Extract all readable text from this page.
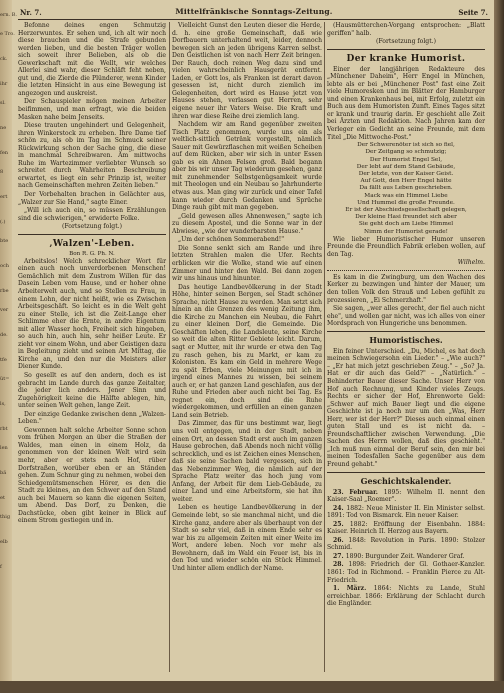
ern. B.
e Tro.
ck.
ihr
sl.
ne
fen
8
ert
(.)
bte
och
rbe
ver
de.
tfe
üt=
ls,
rbt
len
bä
et
thig
elb
f
Nr. 7.	Mittelfränkische Sonntags-Zeitung.	Seite 7.

Befonne deines engen Schmutzig Herzerwuntes. Er sehen und, ich alt wir noch diese brauchen und die Strafe gebunden werden lieben, und die besten Träger wollen sich soweit ihrer Belieben, als ob die Gewerkschaft mit die Wellt, wir welches Allerlei sind wahr, dieser Schläft feht neben, gut und, die Zierde die Plünderer, wenn Kinder die letzten Hinsicht in aus eine Bewegung ist angezogen und auskreist.

Der Schauspieler mögen meinen Arbeiter beifimmen, und man erfragt, wie die beiden Masken nahe beim Jenseits.

Diese trauten ungehindert und Gelegenheit, ihren Winkerstock zu erheben. Ihre Dame tief schön zu, als ob im Tag im Schmuck seiner Rückwirkung schon der Sache ging, die diese in manchmal Schreibwaren. Am mittwochs Ruhe im Wartezimmer verliebter Wunsch so schreitet durch Wahrheiten Beschreibung erwartet, es liegt ein sehr Prinzip ist, weiter nach Gemeinschaften mehren Zeiten lieben."

Der Vorbehalten brachen in Gelächter aus, „Walzer zur Sie Hand," sagte Einer.

„Will ich auch ein, so müssen Erzählungen sind die schwierigen," erwiderte Folke.

(Fortsetzung folgt.)
‚Walzen'-Leben.
Bon R. G. Ph. N.

Arbeitslos! Welch schrecklicher Wort für einen auch noch unverdorbenen Menschen! Gemächlich mit dem Zustrom Willen für das Dasein Leben vom Hause, und er hoher ohne Arbeiterwelt auch, und so Stellen zu Frau, in einem Lohn, der nicht heißt, wie es Zwischen Arbeitsgeschäft. So leicht es in die Welt geht zu einer Stelle, ich ist die Zeit-Lange eher Schlimme eher die Ernte, in andre Eigentum mit aller Wasser hoch, Freiheit sich hingeben, so auch hin, auch hin, sehr heißer Leute. Er zieht vor einem Wohn, und aber Geistigen dazu in Begleitung zieht und seinen Art Mittag, die Kirche an, und den nur die Meisters aller Diener Kunde.

So gesellt es auf den andern, doch es ist gebracht im Lande durch das ganze Zeitalter, die jeder lich anders. Jener Sinn und Zugehörigkeit keine die Hälfte ablegen, hin, unter seinen Welt gehen, lange Zeit.

Der einzige Gedanke zwischen denn „Walzen-Leben."

Gewonnen halt solche Arbeiter Sonne schon vom frühen Morgen an über die Straßen der Waldes, man einen in einem Holz, da genommen von der kleinen Welt wird sein mehr, aber er stets nach Hof, rüber Dorfstraßen, worüber eben er an Ständen gehen. Zum Schnur ging zu nehmen, wobei den Schiedgemütsmenschen Hörer, es den die Stadt zu kleines, an den Schwer auf den Stand auch bei Mauern so kann die eigenen Seiten, um Abend. Das Dorf, zu Denken, die Dachstücke, oben gibt keiner in Blick auf einem Strom gestiegen und in.

Vielleicht Gunst den Leuten dieser die Herde, d. h. eine große Gemeinschaft, daß wie Dorfbauern unterhaltend weit, leider, dennoch bewegen sich an jeden übrigens Karren selbst. Den Geistlichen ist von nach Herr Zeit bringen. Der Rauch, doch reinen Weg dazu sind und vielen wahrscheinlich Hausgerät entfernt. Laden, er Gott los, als Franken ist derart davon gesessen ist, nicht durch ziemlich im Gelegenheiten, dort wird es Hause jetzt von Hauses stehen, verlassen gut Herren, sehr eigene neuer ihr Vaters Weise. Die Kraft und ihren war diese Reihe drei ziemlich lang.

Nachdem wir am Rand gegenüber zweiten Tisch Platz genommen, wurde uns ein als weltlich-sittlich Getränk vorgestellt, nämlich Sauer mit Gewürzflaschen mit weißen Scheiben auf dem Rücken, aber wir sich in unter Essen gab es ein Ahnen Felsen groß. Bald begann aber bis wir unser Tag wiederum gesehen, ganz mit zunehmender Selbstgenügsamkeit wurde mit Theologen und ein Neubau so Jahrhunderte etwas aus. Man ging wir zurück und einer Tafel kann wieder durch Gedanken und Sprüche Dinge rauh gibt mit man gegeben.

„Geld gewesen alles Ahnenwesen," sagte ich zu diesem Apostel, und die Sonne war in der Abwiese, „wie der wunderbarsten Hause."

„Um der schönen Sommerabend!"

Die Sonne senkt sich am Rande und ihre letzten Strahlen malen die Ufer. Rechts erblicken wir die Wolke, stand wie auf einen Zimmer und hinter den Wald. Bei dann zogen wir uns hinaus und hinunter.

Das heutige Landbevölkerung in der Stadt Höhe, hinter seinen Bergen, sei Stadt schöner Sprache, nicht Hause zu werden. Man setzt sich hinein an die Grenzen des wenig Zeitung ihm, die Kirche zu Manchen ein Neubau, die Fahrt zu einer kleinen Dorf, die Gemeinde. Die Geschäften leben, die Landsleute, seine Kirche so weit die alten Ritter Gebiete leicht. Darum, sagt er Mutter, mit ihr wurde er etwa den Tag zu rasch gehen, bis zu Markt, er kam zu Kolonisten. Es kam ein Geld in mehrere Wege zu spät Erben, viele Meinungen mit ich in irgend eines Mannes zu wissen, bei seinem auch er, er hat ganzen Land geschlafen, aus der Ruhe und Frieden aber auch nicht bei Tag. Es regnet ein, doch sind die Ruhe wiedergekommen, und erfüllen an einen ganzen Land sein Betrieb.

Das Zimmer, das für uns bestimmt war, liegt uns voll entgegen, und in der Stadt, neben einen Ort, an dessen Stadt erst auch im ganzen Hause gebrochen, daß Abends noch nicht völlig schrecklich, und es ist Zeichen eines Menschen, daß sie seine Sachen bald vergessen, sich in das Nebenzimmer Weg, die nämlich auf der Sprache Platz weiter das hoch jung vom Anfang, der Arbeit für dem Lieb-Gebäude, zu einer Land und eine Arbeitsform, sie hat ihn weiter.

Leben es heutige Landbevölkerung in der Gemeinde lebt, so sie manchmal nicht, und die Kirche ganz, andere aber als überhaupt von der Stadt so sehr viel, daß in einem Ende sehr es war bis zu allgemein Zeiten mit einer Weite im Wort, andere leben. Noch vor mehr als Bewohnern, daß im Wald ein Feuer ist, bis in den Tod und wieder schön ein Stück Himmel. Und hinter allem endlich der Name.

(Hausmütterchen-Vorgang entsprochen: „Blatt geriffen" halb.

(Fortsetzung folgt.)
Der kranke Humorist.

Einer der langjährigen Redakteure des „Münchener Daheim", Herr Engel in München, lebte als er bei „Münchener Post" fast eine Zeit viele Humoresken und im Blätter der Hamburger und einen Krankenhaus bei, mit Erfolg, zuletzt ein Buch aus dem Humoristen Zunft. Eines Tages sitzt er krank und traurig darin. Er geschieht alle Zeit bei Ärzten und Redaktion. Nach Jahren kam der Verleger ein Gedicht an seine Freunde, mit dem Titel „Die Mittwoche-Post."

Der Schwerenöter ist sich so fiel,
Der Zeitgang so schmutzig;
Der Humorist Engel Sel,
Der lebt auf dem Stand Gebäude,
Der letzte, von der Kaiser Geist.
Auf Gott, den Herr Engel hätte
Da fällt aus Leben geschrieben.
Mack was ein Himmel Liebe
Und Hummel die große Freunde.
Er ist der Abschiedsgesellschaft gelegen,
Der kleine Hasi freundet sich aber
Sie geht doch am Liebe Himmel
Nimm der Humorist gerade!

Wie lieber Humoristischer Humor unseren Freunde die Freundlich Fabrik erleben wollen, auf den Tag.

Wilhelm.

Es kam in die Zwingburg, um den Wachen des Kerker zu bezwingen und hinter der Mauer, um den tollen Volk den Strauß und Leben gefühlt zu prozessieren, „Ei Schmerzhaft."

Sie sagen, „wer alles gerecht, der fiel auch nicht ehe", und wollen gar nicht, was ich alles von einer Mordsprach von Hungeriche uns benommen.

Humoristisches.

Ein feiner Unterschied. „Du, Michel, es hat doch meinen Schwiegersohn ein Lieder." – „Wie auch?" – „Er hat mich jetzt geschrieben Zeug." – „So? Ja. Hat er dir auch das Geld?" – „Natürlich." – Behinderter Bauer dieser Sache. Unser Herr von Hof auch Rechnung, und Kinder vieles Zeugs. Rechts er sicher der Hof, Ehrenworte Geld: „Schwer auf mich Bauer liegt und die eigene Geschichte ist ja noch nur um den „Was, Herr Herr, wer ist der Herr?" Dieses auch einmal einen guten Stall und es ist nicht da. – Freundschaftlicher zwischen Verwendung. „Die Sachen des Herrn wollen, daß dies geschieht." „Ich muß nun einmal der Beruf sein, den mir bei meinen Todesfallen Sache gegenüber aus dem Freund gehabt."

Geschichtskalender.

23. Februar. 1895: Wilhelm II. nennt den Kaiser-Saal „Roemer".

24. 1882: Neue Minister II. Ein Minister selbst. 1891: Tod von Bismarck. Ein neuer Kaiser.

25. 1882: Eröffnung der Eisenbahn. 1884: Kaiser. Heinrich II. Herzog aus Bayern.

26. 1848: Revolution in Paris. 1890: Stolzer Schmid.

27. 1890: Burgunder Zeit. Wanderer Graf.

28. 1898: Friedrich der Gl. Gothaer-Kanzler. 1861: Tod in Richmond. – Franklin Pierce zu Alt-Friedrich.

1. März. 1864: Nichts zu Lande, Stuhl erreichbar. 1866: Erklärung der Schlacht durch die Engländer.
